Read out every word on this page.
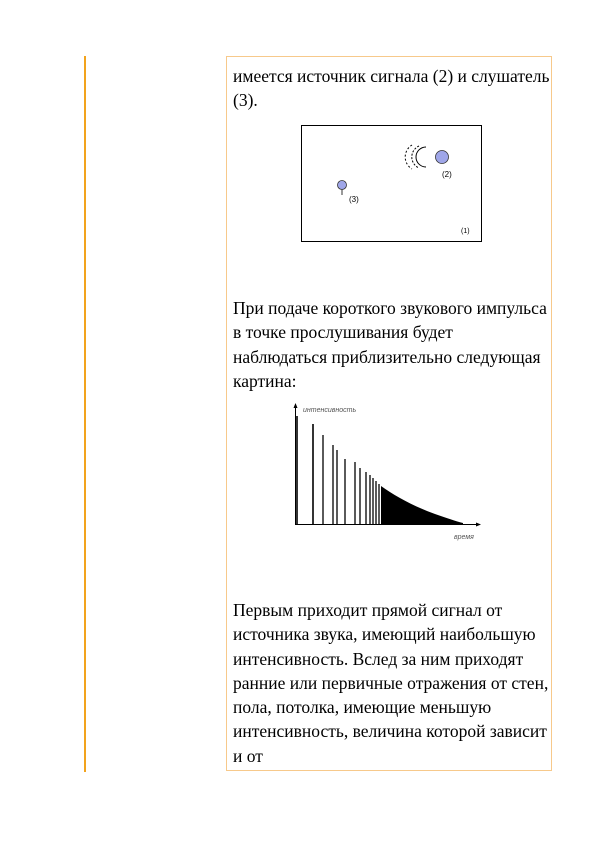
имеется источник сигнала (2) и слушатель (3).

(2)
(3)
(1)

При подаче короткого звукового импульса в точке прослушивания будет наблюдаться приблизительно следующая картина:

интенсивность
время

Первым приходит прямой сигнал от источника звука, имеющий наибольшую интенсивность. Вслед за ним приходят ранние или первичные отражения от стен, пола, потолка, имеющие меньшую интенсивность, величина которой зависит и от
